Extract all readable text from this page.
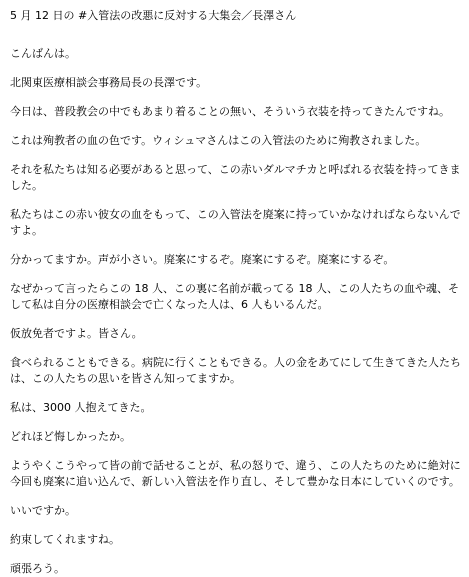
5 月 12 日の #入管法の改悪に反対する大集会／長澤さん

こんばんは。

北関東医療相談会事務局長の長澤です。

今日は、普段教会の中でもあまり着ることの無い、そういう衣装を持ってきたんですね。

これは殉教者の血の色です。ウィシュマさんはこの入管法のために殉教されました。

それを私たちは知る必要があると思って、この赤いダルマチカと呼ばれる衣装を持ってきました。

私たちはこの赤い彼女の血をもって、この入管法を廃案に持っていかなければならないんですよ。

分かってますか。声が小さい。廃案にするぞ。廃案にするぞ。廃案にするぞ。

なぜかって言ったらこの 18 人、この裏に名前が載ってる 18 人、この人たちの血や魂、そして私は自分の医療相談会で亡くなった人は、6 人もいるんだ。

仮放免者ですよ。皆さん。

食べられることもできる。病院に行くこともできる。人の金をあてにして生きてきた人たちは、この人たちの思いを皆さん知ってますか。

私は、3000 人抱えてきた。

どれほど悔しかったか。

ようやくこうやって皆の前で話せることが、私の怒りで、違う、この人たちのために絶対に今回も廃案に追い込んで、新しい入管法を作り直し、そして豊かな日本にしていくのです。

いいですか。

約束してくれますね。

頑張ろう。
